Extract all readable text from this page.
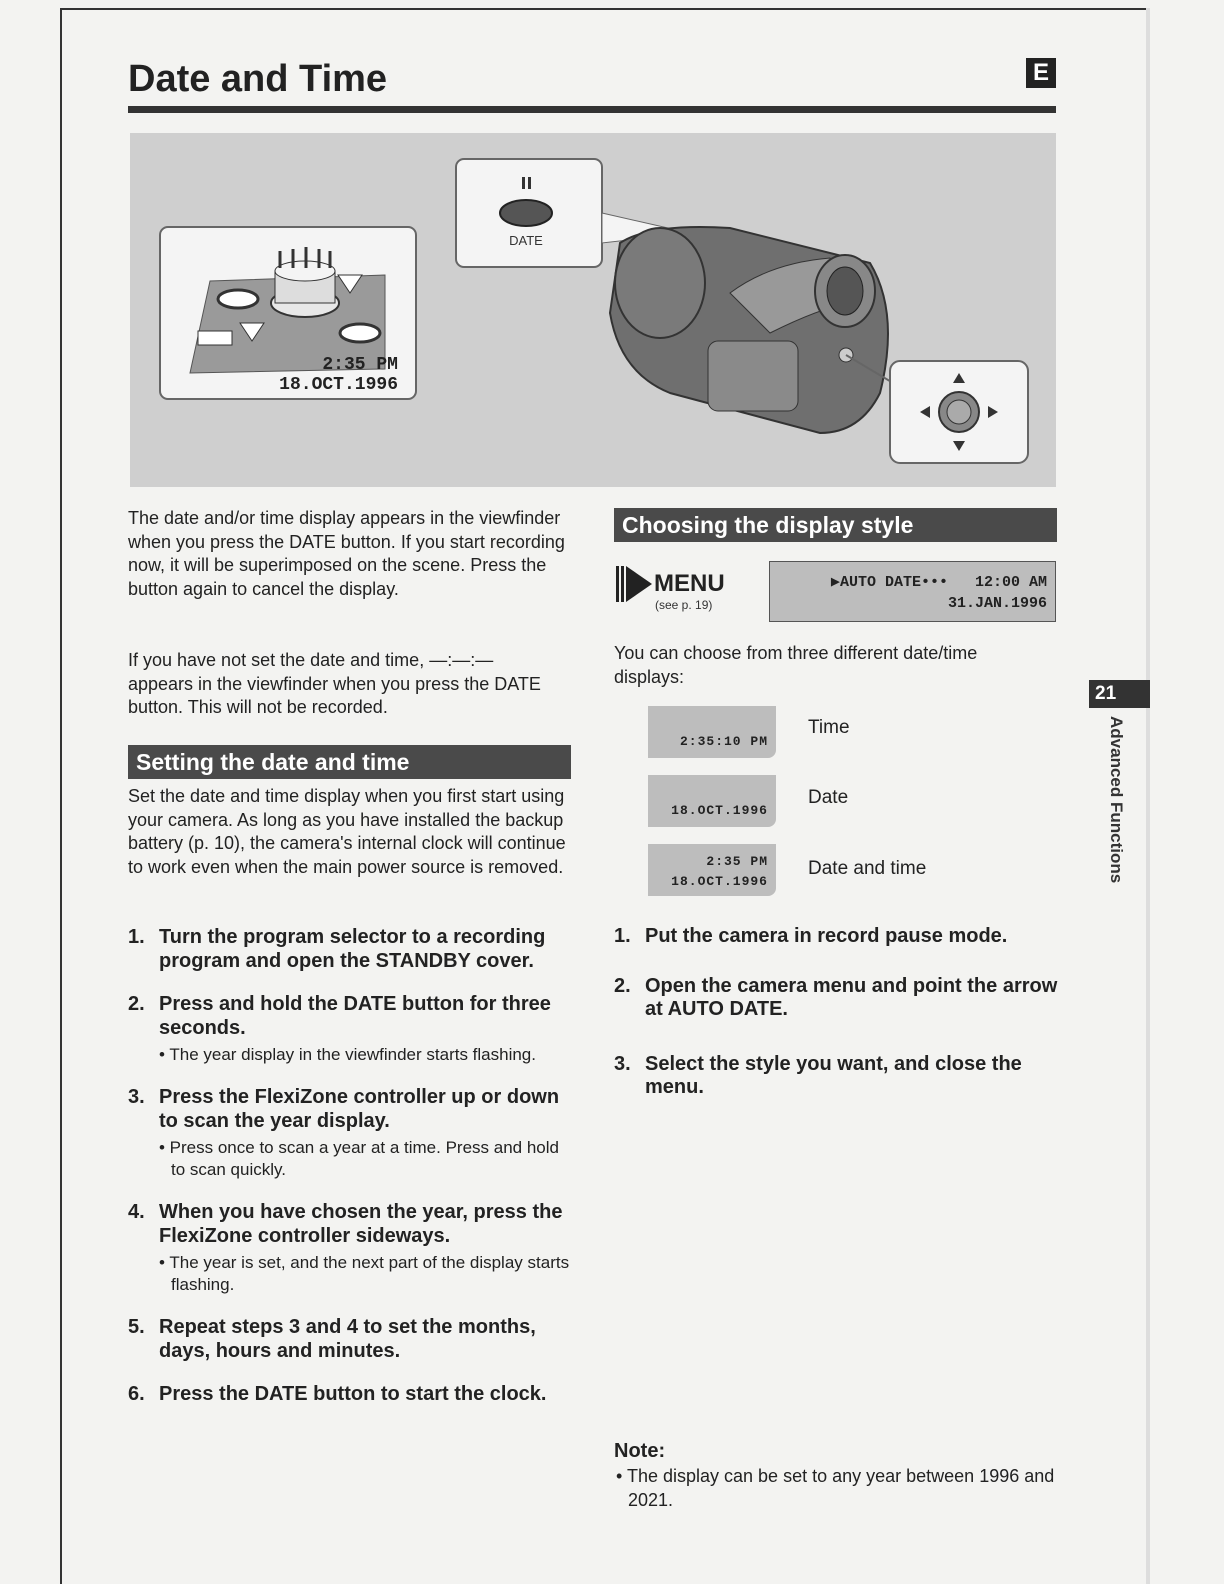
Date and Time	E
2:35 PM
18.OCT.1996
DATE

The date and/or time display appears in the viewfinder when you press the DATE button. If you start recording now, it will be superimposed on the scene. Press the button again to cancel the display.

If you have not set the date and time, —:—:— appears in the viewfinder when you press the DATE button. This will not be recorded.

Setting the date and time

Set the date and time display when you first start using your camera. As long as you have installed the backup battery (p. 10), the camera's internal clock will continue to work even when the main power source is removed.

1. Turn the program selector to a recording program and open the STANDBY cover.
2. Press and hold the DATE button for three seconds.
• The year display in the viewfinder starts flashing.
3. Press the FlexiZone controller up or down to scan the year display.
• Press once to scan a year at a time. Press and hold to scan quickly.
4. When you have chosen the year, press the FlexiZone controller sideways.
• The year is set, and the next part of the display starts flashing.
5. Repeat steps 3 and 4 to set the months, days, hours and minutes.
6. Press the DATE button to start the clock.
Choosing the display style
MENU
(see p. 19)
▶AUTO DATE•••   12:00 AM
31.JAN.1996

You can choose from three different date/time displays:

2:35:10 PM
Time
18.OCT.1996
Date
2:35 PM
18.OCT.1996
Date and time
1. Put the camera in record pause mode.
2. Open the camera menu and point the arrow at AUTO DATE.
3. Select the style you want, and close the menu.
Note:

• The display can be set to any year between 1996 and 2021.

21
Advanced Functions
